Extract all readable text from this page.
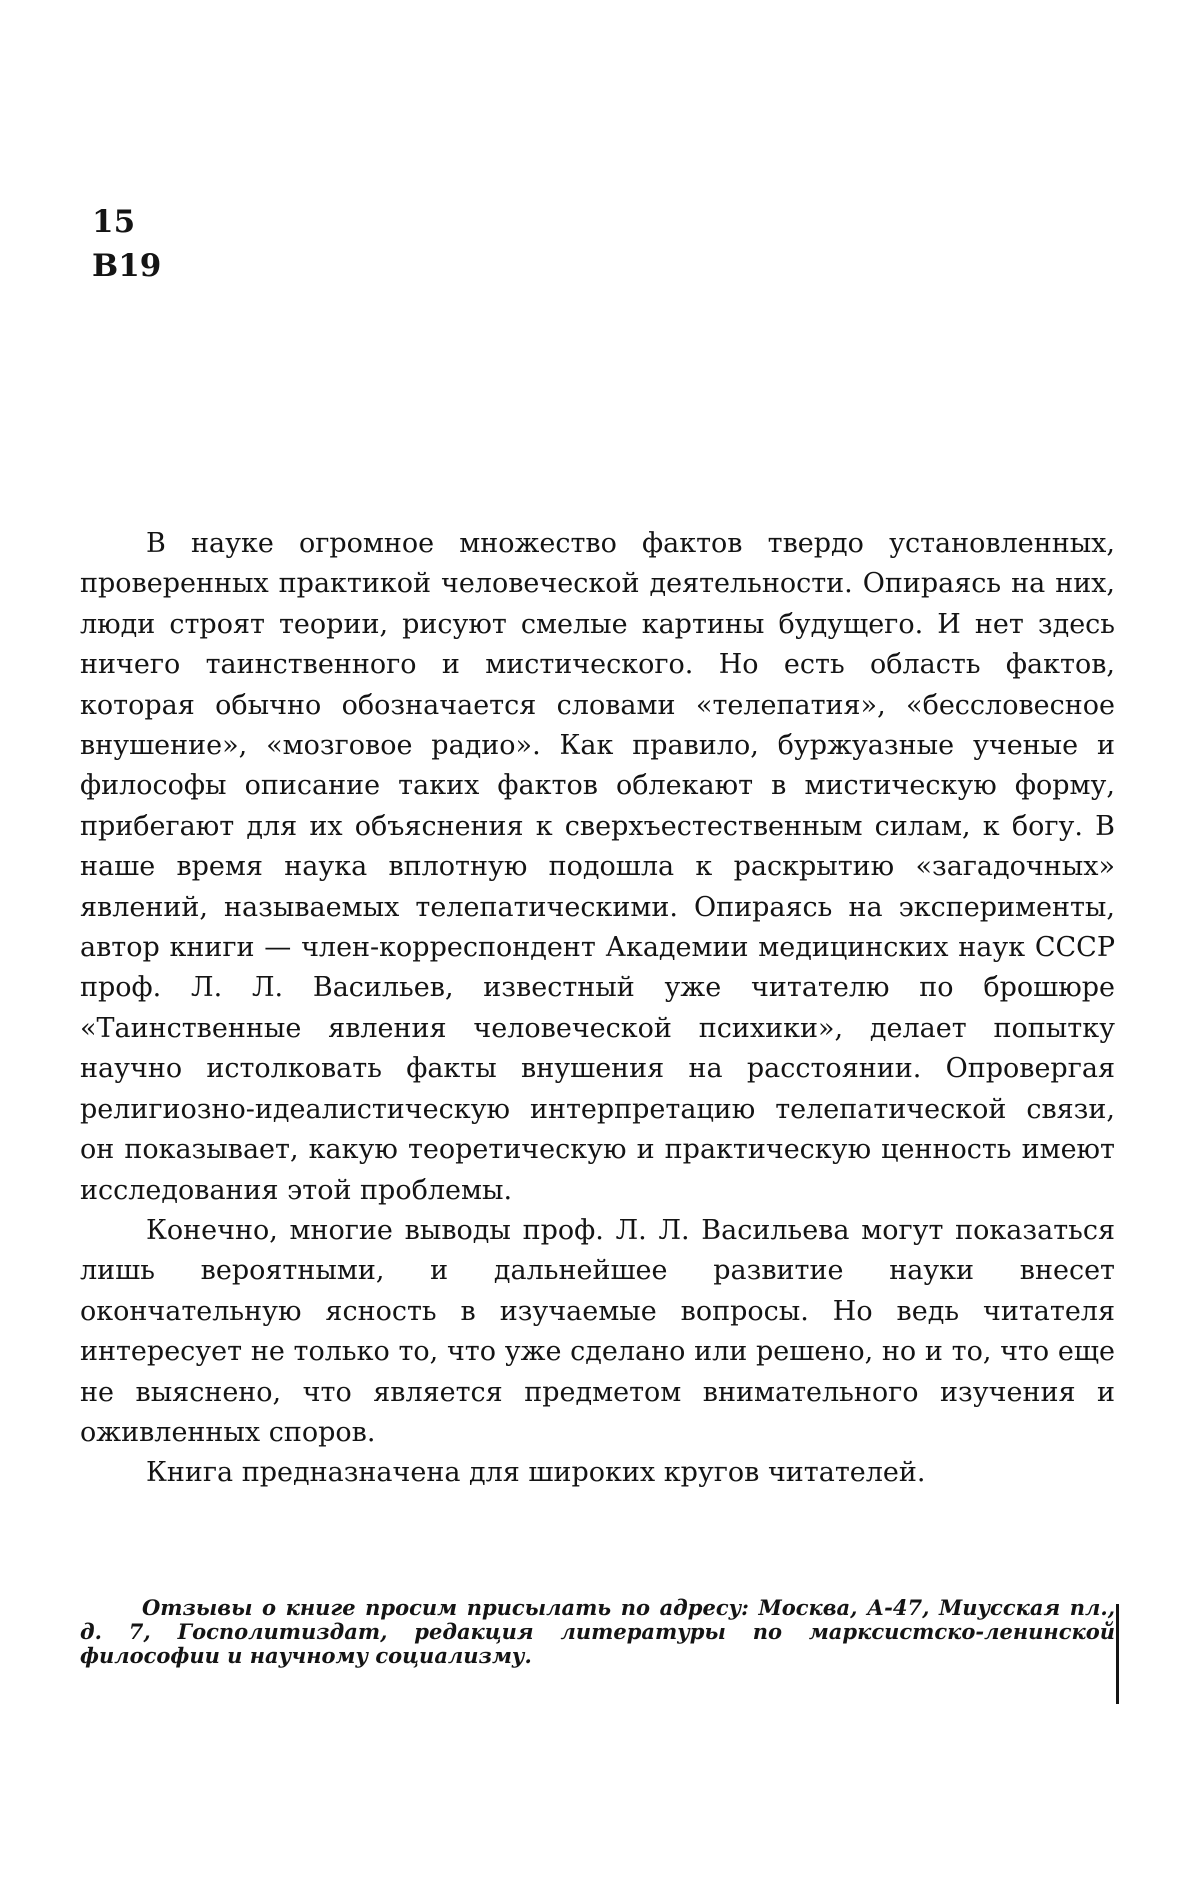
15
В19

В науке огромное множество фактов твердо установленных, проверенных практикой человеческой деятельности. Опираясь на них, люди строят теории, рисуют смелые картины будущего. И нет здесь ничего таинственного и мистического. Но есть область фактов, которая обычно обозначается словами «телепатия», «бессловесное внушение», «мозговое радио». Как правило, буржуазные ученые и философы описание таких фактов облекают в мистическую форму, прибегают для их объяснения к сверхъестественным силам, к богу. В наше время наука вплотную подошла к раскрытию «загадочных» явлений, называемых телепатическими. Опираясь на эксперименты, автор книги — член-корреспондент Академии медицинских наук СССР проф. Л. Л. Васильев, известный уже читателю по брошюре «Таинственные явления человеческой психики», делает попытку научно истолковать факты внушения на расстоянии. Опровергая религиозно-идеалистическую интерпретацию телепатической связи, он показывает, какую теоретическую и практическую ценность имеют исследования этой проблемы.

Конечно, многие выводы проф. Л. Л. Васильева могут показаться лишь вероятными, и дальнейшее развитие науки внесет окончательную ясность в изучаемые вопросы. Но ведь читателя интересует не только то, что уже сделано или решено, но и то, что еще не выяснено, что является предметом внимательного изучения и оживленных споров.

Книга предназначена для широких кругов читателей.

Отзывы о книге просим присылать по адресу: Москва, А-47, Миусская пл., д. 7, Госполитиздат, редакция литературы по марксистско-ленинской философии и научному социализму.
